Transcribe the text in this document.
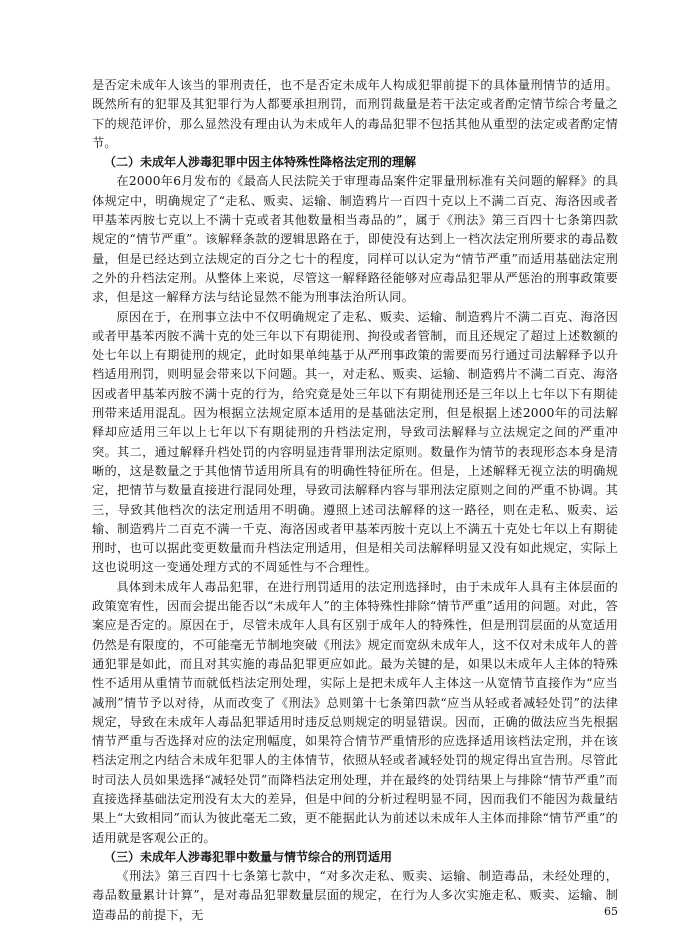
是否定未成年人该当的罪刑责任，也不是否定未成年人构成犯罪前提下的具体量刑情节的适用。既然所有的犯罪及其犯罪行为人都要承担刑罚，而刑罚裁量是若干法定或者酌定情节综合考量之下的规范评价，那么显然没有理由认为未成年人的毒品犯罪不包括其他从重型的法定或者酌定情节。

（二）未成年人涉毒犯罪中因主体特殊性降格法定刑的理解

在2000年6月发布的《最高人民法院关于审理毒品案件定罪量刑标准有关问题的解释》的具体规定中，明确规定了“走私、贩卖、运输、制造鸦片一百四十克以上不满二百克、海洛因或者甲基苯丙胺七克以上不满十克或者其他数量相当毒品的”，属于《刑法》第三百四十七条第四款规定的“情节严重”。该解释条款的逻辑思路在于，即使没有达到上一档次法定刑所要求的毒品数量，但是已经达到立法规定的百分之七十的程度，同样可以认定为“情节严重”而适用基础法定刑之外的升档法定刑。从整体上来说，尽管这一解释路径能够对应毒品犯罪从严惩治的刑事政策要求，但是这一解释方法与结论显然不能为刑事法治所认同。

原因在于，在刑事立法中不仅明确规定了走私、贩卖、运输、制造鸦片不满二百克、海洛因或者甲基苯丙胺不满十克的处三年以下有期徒刑、拘役或者管制，而且还规定了超过上述数额的处七年以上有期徒刑的规定，此时如果单纯基于从严刑事政策的需要而另行通过司法解释予以升档适用刑罚，则明显会带来以下问题。其一，对走私、贩卖、运输、制造鸦片不满二百克、海洛因或者甲基苯丙胺不满十克的行为，给究竟是处三年以下有期徒刑还是三年以上七年以下有期徒刑带来适用混乱。因为根据立法规定原本适用的是基础法定刑，但是根据上述2000年的司法解释却应适用三年以上七年以下有期徒刑的升档法定刑，导致司法解释与立法规定之间的严重冲突。其二，通过解释升档处罚的内容明显违背罪刑法定原则。数量作为情节的表现形态本身是清晰的，这是数量之于其他情节适用所具有的明确性特征所在。但是，上述解释无视立法的明确规定，把情节与数量直接进行混同处理，导致司法解释内容与罪刑法定原则之间的严重不协调。其三，导致其他档次的法定刑适用不明确。遵照上述司法解释的这一路径，则在走私、贩卖、运输、制造鸦片二百克不满一千克、海洛因或者甲基苯丙胺十克以上不满五十克处七年以上有期徒刑时，也可以据此变更数量而升档法定刑适用，但是相关司法解释明显又没有如此规定，实际上这也说明这一变通处理方式的不周延性与不合理性。

具体到未成年人毒品犯罪，在进行刑罚适用的法定刑选择时，由于未成年人具有主体层面的政策宽宥性，因而会提出能否以“未成年人”的主体特殊性排除“情节严重”适用的问题。对此，答案应是否定的。原因在于，尽管未成年人具有区别于成年人的特殊性，但是刑罚层面的从宽适用仍然是有限度的，不可能毫无节制地突破《刑法》规定而宽纵未成年人，这不仅对未成年人的普通犯罪是如此，而且对其实施的毒品犯罪更应如此。最为关键的是，如果以未成年人主体的特殊性不适用从重情节而就低档法定刑处理，实际上是把未成年人主体这一从宽情节直接作为“应当减刑”情节予以对待，从而改变了《刑法》总则第十七条第四款“应当从轻或者减轻处罚”的法律规定，导致在未成年人毒品犯罪适用时违反总则规定的明显错误。因而，正确的做法应当先根据情节严重与否选择对应的法定刑幅度，如果符合情节严重情形的应选择适用该档法定刑，并在该档法定刑之内结合未成年犯罪人的主体情节，依照从轻或者减轻处罚的规定得出宣告刑。尽管此时司法人员如果选择“减轻处罚”而降档法定刑处理，并在最终的处罚结果上与排除“情节严重”而直接选择基础法定刑没有太大的差异，但是中间的分析过程明显不同，因而我们不能因为裁量结果上“大致相同”而认为彼此毫无二致，更不能据此认为前述以未成年人主体而排除“情节严重”的适用就是客观公正的。

（三）未成年人涉毒犯罪中数量与情节综合的刑罚适用

《刑法》第三百四十七条第七款中，“对多次走私、贩卖、运输、制造毒品，未经处理的，毒品数量累计计算”，是对毒品犯罪数量层面的规定，在行为人多次实施走私、贩卖、运输、制造毒品的前提下，无	65
